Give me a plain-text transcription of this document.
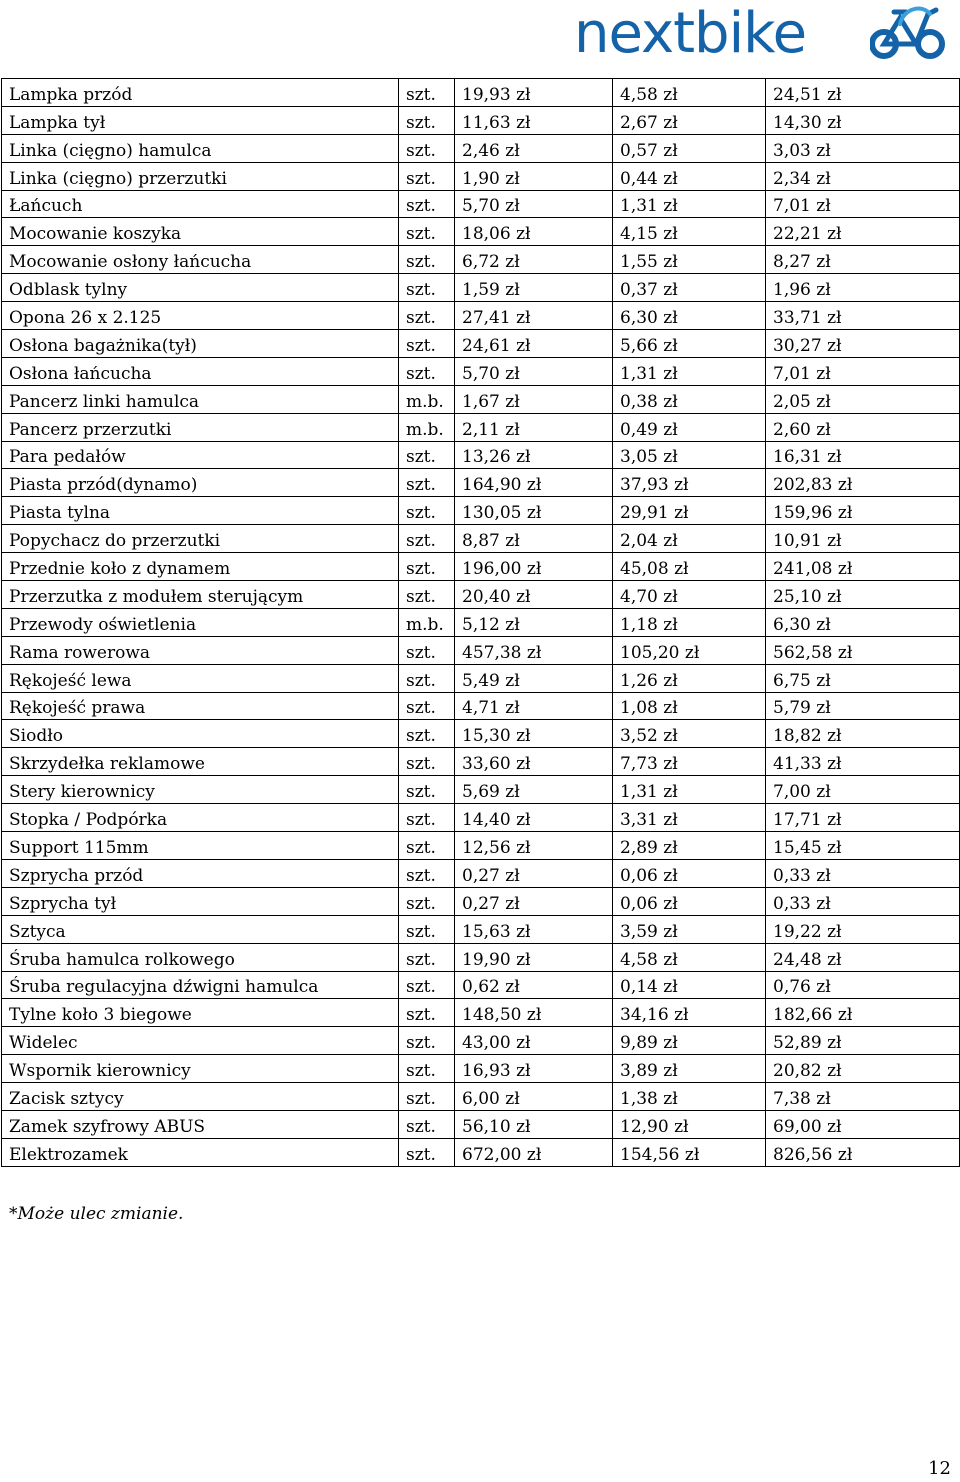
nextbike
Lampka przód	szt.	19,93 zł	4,58 zł	24,51 zł
Lampka tył	szt.	11,63 zł	2,67 zł	14,30 zł
Linka (cięgno) hamulca	szt.	2,46 zł	0,57 zł	3,03 zł
Linka (cięgno) przerzutki	szt.	1,90 zł	0,44 zł	2,34 zł
Łańcuch	szt.	5,70 zł	1,31 zł	7,01 zł
Mocowanie koszyka	szt.	18,06 zł	4,15 zł	22,21 zł
Mocowanie osłony łańcucha	szt.	6,72 zł	1,55 zł	8,27 zł
Odblask tylny	szt.	1,59 zł	0,37 zł	1,96 zł
Opona 26 x 2.125	szt.	27,41 zł	6,30 zł	33,71 zł
Osłona bagażnika(tył)	szt.	24,61 zł	5,66 zł	30,27 zł
Osłona łańcucha	szt.	5,70 zł	1,31 zł	7,01 zł
Pancerz linki hamulca	m.b.	1,67 zł	0,38 zł	2,05 zł
Pancerz przerzutki	m.b.	2,11 zł	0,49 zł	2,60 zł
Para pedałów	szt.	13,26 zł	3,05 zł	16,31 zł
Piasta przód(dynamo)	szt.	164,90 zł	37,93 zł	202,83 zł
Piasta tylna	szt.	130,05 zł	29,91 zł	159,96 zł
Popychacz do przerzutki	szt.	8,87 zł	2,04 zł	10,91 zł
Przednie koło z dynamem	szt.	196,00 zł	45,08 zł	241,08 zł
Przerzutka z modułem sterującym	szt.	20,40 zł	4,70 zł	25,10 zł
Przewody oświetlenia	m.b.	5,12 zł	1,18 zł	6,30 zł
Rama rowerowa	szt.	457,38 zł	105,20 zł	562,58 zł
Rękojeść lewa	szt.	5,49 zł	1,26 zł	6,75 zł
Rękojeść prawa	szt.	4,71 zł	1,08 zł	5,79 zł
Siodło	szt.	15,30 zł	3,52 zł	18,82 zł
Skrzydełka reklamowe	szt.	33,60 zł	7,73 zł	41,33 zł
Stery kierownicy	szt.	5,69 zł	1,31 zł	7,00 zł
Stopka / Podpórka	szt.	14,40 zł	3,31 zł	17,71 zł
Support 115mm	szt.	12,56 zł	2,89 zł	15,45 zł
Szprycha przód	szt.	0,27 zł	0,06 zł	0,33 zł
Szprycha tył	szt.	0,27 zł	0,06 zł	0,33 zł
Sztyca	szt.	15,63 zł	3,59 zł	19,22 zł
Śruba hamulca rolkowego	szt.	19,90 zł	4,58 zł	24,48 zł
Śruba regulacyjna dźwigni hamulca	szt.	0,62 zł	0,14 zł	0,76 zł
Tylne koło 3 biegowe	szt.	148,50 zł	34,16 zł	182,66 zł
Widelec	szt.	43,00 zł	9,89 zł	52,89 zł
Wspornik kierownicy	szt.	16,93 zł	3,89 zł	20,82 zł
Zacisk sztycy	szt.	6,00 zł	1,38 zł	7,38 zł
Zamek szyfrowy ABUS	szt.	56,10 zł	12,90 zł	69,00 zł
Elektrozamek	szt.	672,00 zł	154,56 zł	826,56 zł
*Może ulec zmianie.
12
